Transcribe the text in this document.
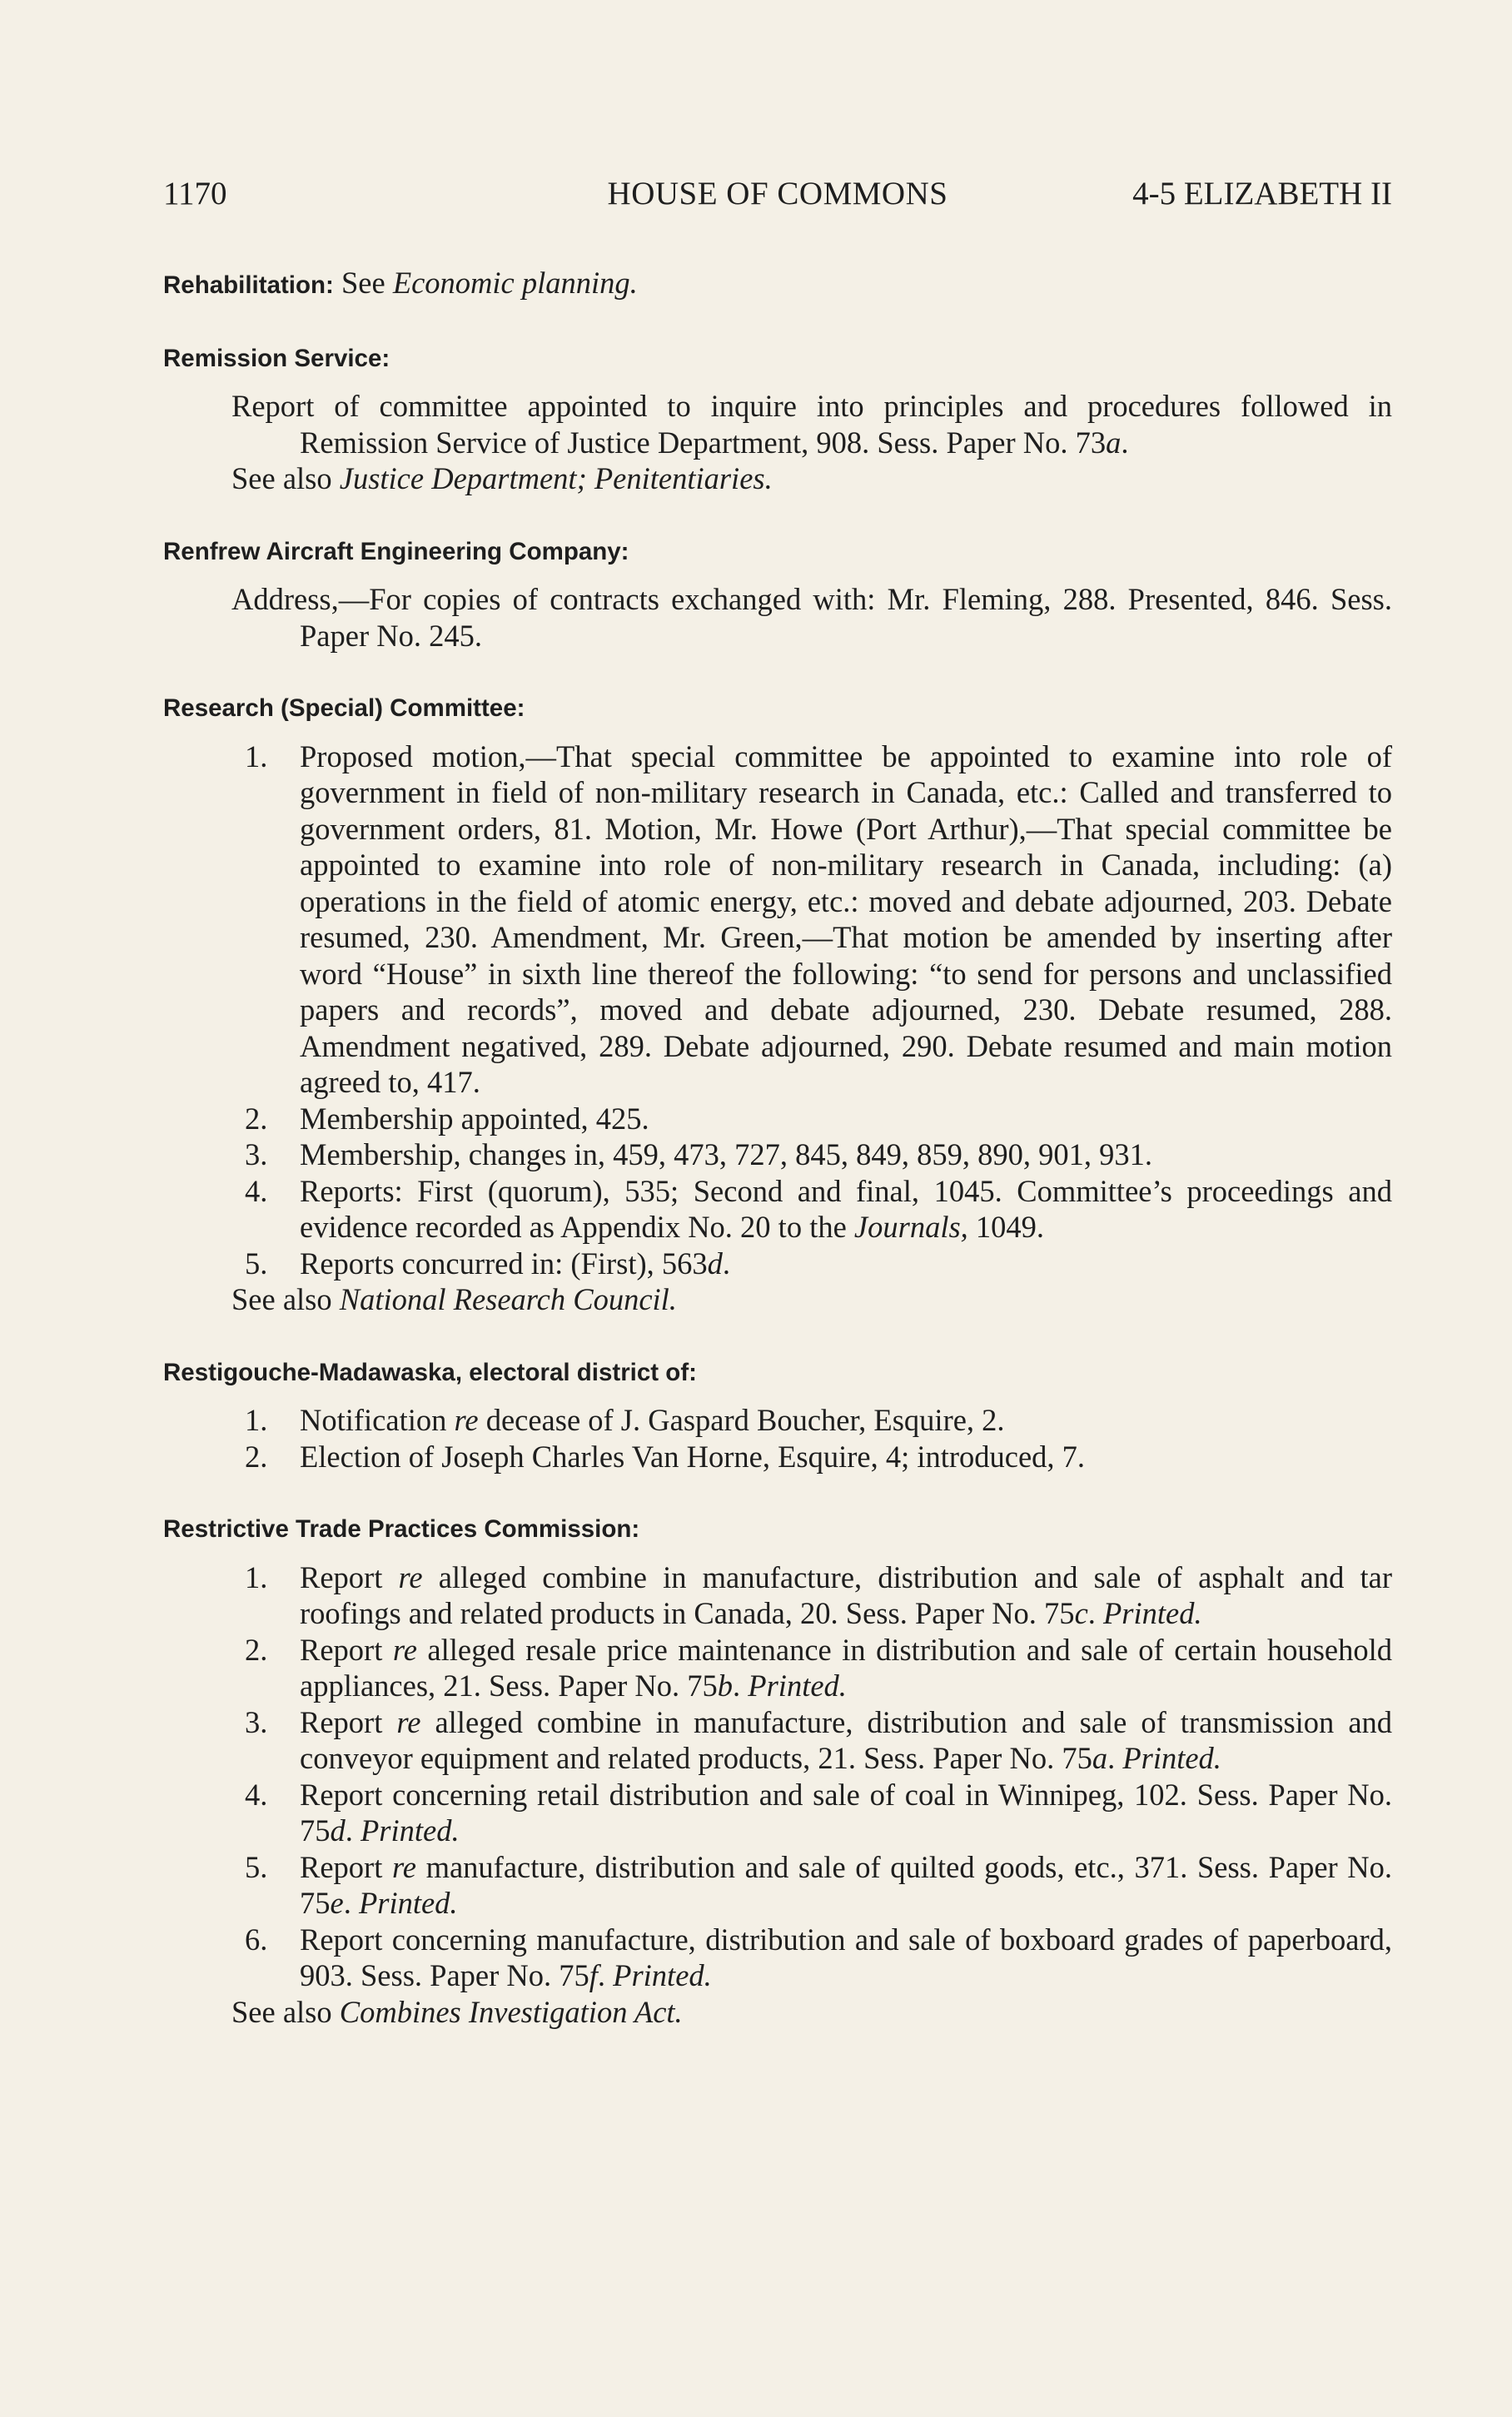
1170	HOUSE OF COMMONS	4-5 ELIZABETH II
Rehabilitation: See Economic planning.
Remission Service:
Report of committee appointed to inquire into principles and procedures followed in Remission Service of Justice Department, 908. Sess. Paper No. 73a.
See also Justice Department; Penitentiaries.
Renfrew Aircraft Engineering Company:
Address,—For copies of contracts exchanged with: Mr. Fleming, 288. Presented, 846. Sess. Paper No. 245.
Research (Special) Committee:
1. Proposed motion,—That special committee be appointed to examine into role of government in field of non-military research in Canada, etc.: Called and transferred to government orders, 81. Motion, Mr. Howe (Port Arthur),—That special committee be appointed to examine into role of non-military research in Canada, including: (a) operations in the field of atomic energy, etc.: moved and debate adjourned, 203. Debate resumed, 230. Amendment, Mr. Green,—That motion be amended by inserting after word “House” in sixth line thereof the following: “to send for persons and unclassified papers and records”, moved and debate adjourned, 230. Debate resumed, 288. Amendment negatived, 289. Debate adjourned, 290. Debate resumed and main motion agreed to, 417.
2. Membership appointed, 425.
3. Membership, changes in, 459, 473, 727, 845, 849, 859, 890, 901, 931.
4. Reports: First (quorum), 535; Second and final, 1045. Committee’s proceedings and evidence recorded as Appendix No. 20 to the Journals, 1049.
5. Reports concurred in: (First), 563d.
See also National Research Council.
Restigouche-Madawaska, electoral district of:
1. Notification re decease of J. Gaspard Boucher, Esquire, 2.
2. Election of Joseph Charles Van Horne, Esquire, 4; introduced, 7.
Restrictive Trade Practices Commission:
1. Report re alleged combine in manufacture, distribution and sale of asphalt and tar roofings and related products in Canada, 20. Sess. Paper No. 75c. Printed.
2. Report re alleged resale price maintenance in distribution and sale of certain household appliances, 21. Sess. Paper No. 75b. Printed.
3. Report re alleged combine in manufacture, distribution and sale of transmission and conveyor equipment and related products, 21. Sess. Paper No. 75a. Printed.
4. Report concerning retail distribution and sale of coal in Winnipeg, 102. Sess. Paper No. 75d. Printed.
5. Report re manufacture, distribution and sale of quilted goods, etc., 371. Sess. Paper No. 75e. Printed.
6. Report concerning manufacture, distribution and sale of boxboard grades of paperboard, 903. Sess. Paper No. 75f. Printed.
See also Combines Investigation Act.
